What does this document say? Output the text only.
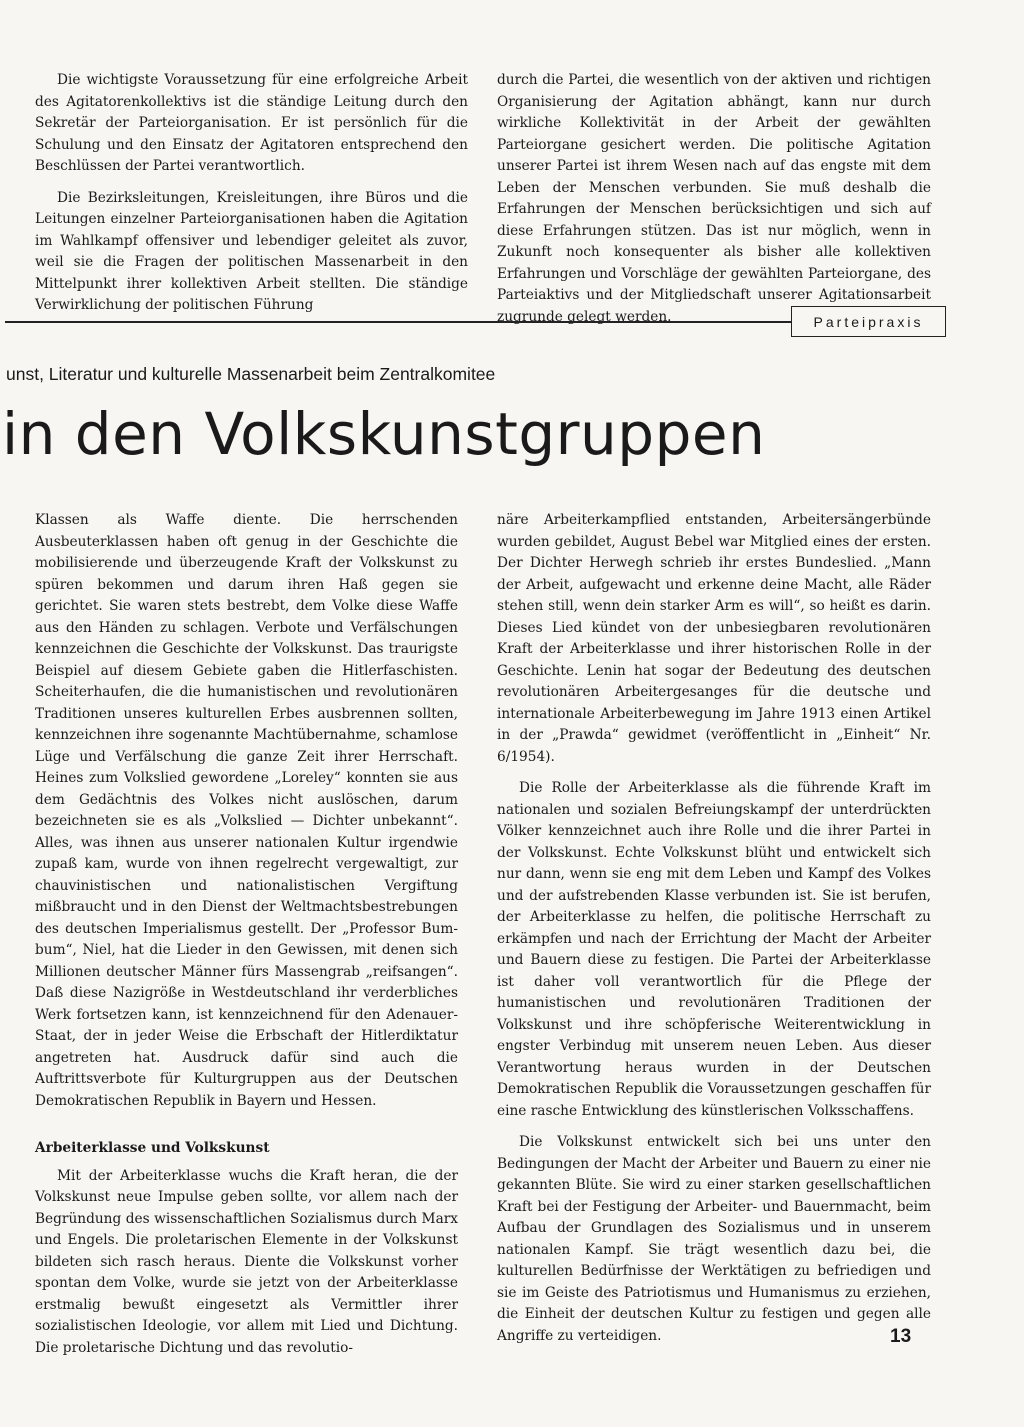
Die wichtigste Voraussetzung für eine erfolgreiche Arbeit des Agitatorenkollektivs ist die ständige Leitung durch den Sekretär der Parteiorganisation. Er ist persönlich für die Schulung und den Einsatz der Agitatoren entsprechend den Beschlüssen der Partei verantwortlich.

Die Bezirksleitungen, Kreisleitungen, ihre Büros und die Leitungen einzelner Parteiorganisationen haben die Agitation im Wahlkampf offensiver und lebendiger geleitet als zuvor, weil sie die Fragen der politischen Massenarbeit in den Mittelpunkt ihrer kollektiven Arbeit stellten. Die ständige Verwirklichung der politischen Führung

durch die Partei, die wesentlich von der aktiven und richtigen Organisierung der Agitation abhängt, kann nur durch wirkliche Kollektivität in der Arbeit der gewählten Parteiorgane gesichert werden. Die politische Agitation unserer Partei ist ihrem Wesen nach auf das engste mit dem Leben der Menschen verbunden. Sie muß deshalb die Erfahrungen der Menschen berücksichtigen und sich auf diese Erfahrungen stützen. Das ist nur möglich, wenn in Zukunft noch konsequenter als bisher alle kollektiven Erfahrungen und Vorschläge der gewählten Parteiorgane, des Parteiaktivs und der Mitgliedschaft unserer Agitationsarbeit zugrunde gelegt werden.	Parteipraxis
unst, Literatur und kulturelle Massenarbeit beim Zentralkomitee
in den Volkskunstgruppen

Klassen als Waffe diente. Die herrschenden Ausbeuterklassen haben oft genug in der Geschichte die mobilisierende und überzeugende Kraft der Volkskunst zu spüren bekommen und darum ihren Haß gegen sie gerichtet. Sie waren stets bestrebt, dem Volke diese Waffe aus den Händen zu schlagen. Verbote und Verfälschungen kennzeichnen die Geschichte der Volkskunst. Das traurigste Beispiel auf diesem Gebiete gaben die Hitlerfaschisten. Scheiterhaufen, die die humanistischen und revolutionären Traditionen unseres kulturellen Erbes ausbrennen sollten, kennzeichnen ihre sogenannte Machtübernahme, schamlose Lüge und Verfälschung die ganze Zeit ihrer Herrschaft. Heines zum Volkslied gewordene „Loreley“ konnten sie aus dem Gedächtnis des Volkes nicht auslöschen, darum bezeichneten sie es als „Volkslied — Dichter unbekannt“. Alles, was ihnen aus unserer nationalen Kultur irgendwie zupaß kam, wurde von ihnen regelrecht vergewaltigt, zur chauvinistischen und nationalistischen Vergiftung mißbraucht und in den Dienst der Weltmachtsbestrebungen des deutschen Imperialismus gestellt. Der „Professor Bum-bum“, Niel, hat die Lieder in den Gewissen, mit denen sich Millionen deutscher Männer fürs Massengrab „reifsangen“. Daß diese Nazigröße in Westdeutschland ihr verderbliches Werk fortsetzen kann, ist kennzeichnend für den Adenauer-Staat, der in jeder Weise die Erbschaft der Hitlerdiktatur angetreten hat. Ausdruck dafür sind auch die Auftrittsverbote für Kulturgruppen aus der Deutschen Demokratischen Republik in Bayern und Hessen.

Arbeiterklasse und Volkskunst

Mit der Arbeiterklasse wuchs die Kraft heran, die der Volkskunst neue Impulse geben sollte, vor allem nach der Begründung des wissenschaftlichen Sozialismus durch Marx und Engels. Die proletarischen Elemente in der Volkskunst bildeten sich rasch heraus. Diente die Volkskunst vorher spontan dem Volke, wurde sie jetzt von der Arbeiterklasse erstmalig bewußt eingesetzt als Vermittler ihrer sozialistischen Ideologie, vor allem mit Lied und Dichtung. Die proletarische Dichtung und das revolutio-

näre Arbeiterkampflied entstanden, Arbeitersängerbünde wurden gebildet, August Bebel war Mitglied eines der ersten. Der Dichter Herwegh schrieb ihr erstes Bundeslied. „Mann der Arbeit, aufgewacht und erkenne deine Macht, alle Räder stehen still, wenn dein starker Arm es will“, so heißt es darin. Dieses Lied kündet von der unbesiegbaren revolutionären Kraft der Arbeiterklasse und ihrer historischen Rolle in der Geschichte. Lenin hat sogar der Bedeutung des deutschen revolutionären Arbeitergesanges für die deutsche und internationale Arbeiterbewegung im Jahre 1913 einen Artikel in der „Prawda“ gewidmet (veröffentlicht in „Einheit“ Nr. 6/1954).

Die Rolle der Arbeiterklasse als die führende Kraft im nationalen und sozialen Befreiungskampf der unterdrückten Völker kennzeichnet auch ihre Rolle und die ihrer Partei in der Volkskunst. Echte Volkskunst blüht und entwickelt sich nur dann, wenn sie eng mit dem Leben und Kampf des Volkes und der aufstrebenden Klasse verbunden ist. Sie ist berufen, der Arbeiterklasse zu helfen, die politische Herrschaft zu erkämpfen und nach der Errichtung der Macht der Arbeiter und Bauern diese zu festigen. Die Partei der Arbeiterklasse ist daher voll verantwortlich für die Pflege der humanistischen und revolutionären Traditionen der Volkskunst und ihre schöpferische Weiterentwicklung in engster Verbindug mit unserem neuen Leben. Aus dieser Verantwortung heraus wurden in der Deutschen Demokratischen Republik die Voraussetzungen geschaffen für eine rasche Entwicklung des künstlerischen Volksschaffens.

Die Volkskunst entwickelt sich bei uns unter den Bedingungen der Macht der Arbeiter und Bauern zu einer nie gekannten Blüte. Sie wird zu einer starken gesellschaftlichen Kraft bei der Festigung der Arbeiter- und Bauernmacht, beim Aufbau der Grundlagen des Sozialismus und in unserem nationalen Kampf. Sie trägt wesentlich dazu bei, die kulturellen Bedürfnisse der Werktätigen zu befriedigen und sie im Geiste des Patriotismus und Humanismus zu erziehen, die Einheit der deutschen Kultur zu festigen und gegen alle Angriffe zu verteidigen.	13
